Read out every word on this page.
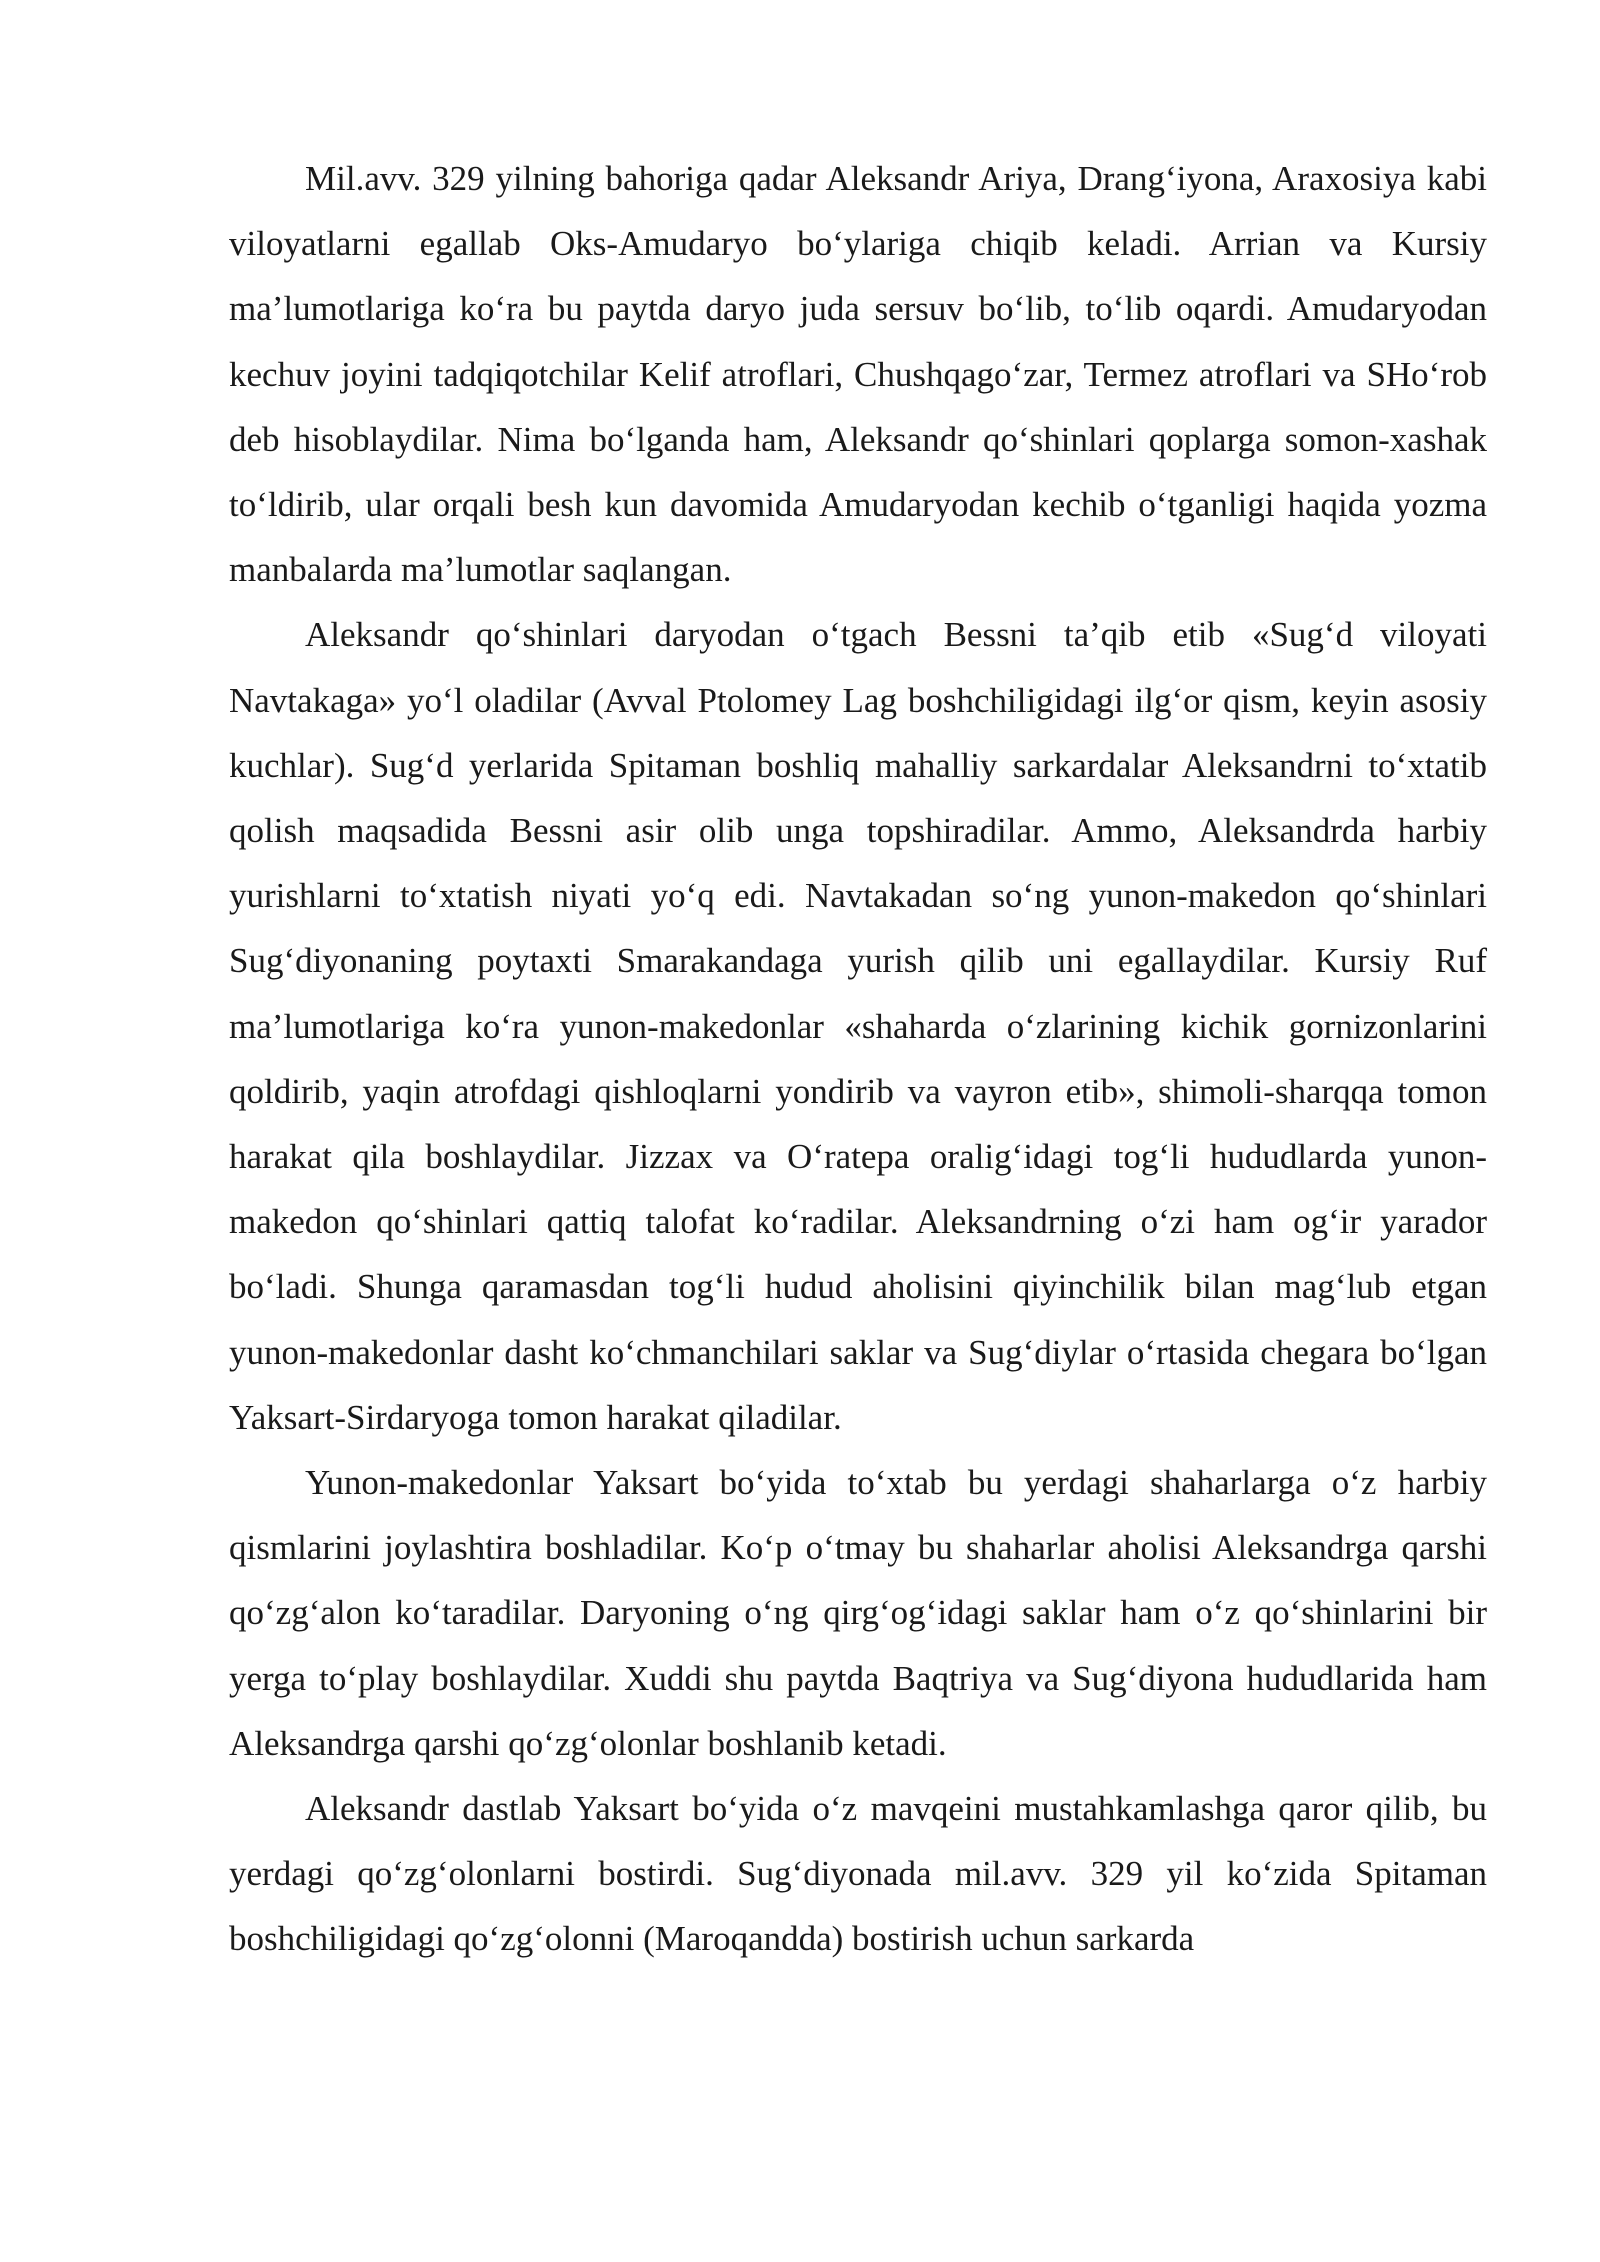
Mil.avv. 329 yilning bahoriga qadar Aleksandr Ariya, Drang‘iyona, Araxosiya kabi viloyatlarni egallab Oks-Amudaryo bo‘ylariga chiqib keladi. Arrian va Kursiy ma’lumotlariga ko‘ra bu paytda daryo juda sersuv bo‘lib, to‘lib oqardi. Amudaryodan kechuv joyini tadqiqotchilar Kelif atroflari, Chushqago‘zar, Termez atroflari va SHo‘rob deb hisoblaydilar. Nima bo‘lganda ham, Aleksandr qo‘shinlari qoplarga somon-xashak to‘ldirib, ular orqali besh kun davomida Amudaryodan kechib o‘tganligi haqida yozma manbalarda ma’lumotlar saqlangan.

Aleksandr qo‘shinlari daryodan o‘tgach Bessni ta’qib etib «Sug‘d viloyati Navtakaga» yo‘l oladilar (Avval Ptolomey Lag boshchiligidagi ilg‘or qism, keyin asosiy kuchlar). Sug‘d yerlarida Spitaman boshliq mahalliy sarkardalar Aleksandrni to‘xtatib qolish maqsadida Bessni asir olib unga topshiradilar. Ammo, Aleksandrda harbiy yurishlarni to‘xtatish niyati yo‘q edi. Navtakadan so‘ng yunon-makedon qo‘shinlari Sug‘diyonaning poytaxti Smarakandaga yurish qilib uni egallaydilar. Kursiy Ruf ma’lumotlariga ko‘ra yunon-makedonlar «shaharda o‘zlarining kichik gornizonlarini qoldirib, yaqin atrofdagi qishloqlarni yondirib va vayron etib», shimoli-sharqqa tomon harakat qila boshlaydilar. Jizzax va O‘ratepa oralig‘idagi tog‘li hududlarda yunon-makedon qo‘shinlari qattiq talofat ko‘radilar. Aleksandrning o‘zi ham og‘ir yarador bo‘ladi. Shunga qaramasdan tog‘li hudud aholisini qiyinchilik bilan mag‘lub etgan yunon-makedonlar dasht ko‘chmanchilari saklar va Sug‘diylar o‘rtasida chegara bo‘lgan Yaksart-Sirdaryoga tomon harakat qiladilar.

Yunon-makedonlar Yaksart bo‘yida to‘xtab bu yerdagi shaharlarga o‘z harbiy qismlarini joylashtira boshladilar. Ko‘p o‘tmay bu shaharlar aholisi Aleksandrga qarshi qo‘zg‘alon ko‘taradilar. Daryoning o‘ng qirg‘og‘idagi saklar ham o‘z qo‘shinlarini bir yerga to‘play boshlaydilar. Xuddi shu paytda Baqtriya va Sug‘diyona hududlarida ham Aleksandrga qarshi qo‘zg‘olonlar boshlanib ketadi.

Aleksandr dastlab Yaksart bo‘yida o‘z mavqeini mustahkamlashga qaror qilib, bu yerdagi qo‘zg‘olonlarni bostirdi. Sug‘diyonada mil.avv. 329 yil ko‘zida Spitaman boshchiligidagi qo‘zg‘olonni (Maroqandda) bostirish uchun sarkarda
